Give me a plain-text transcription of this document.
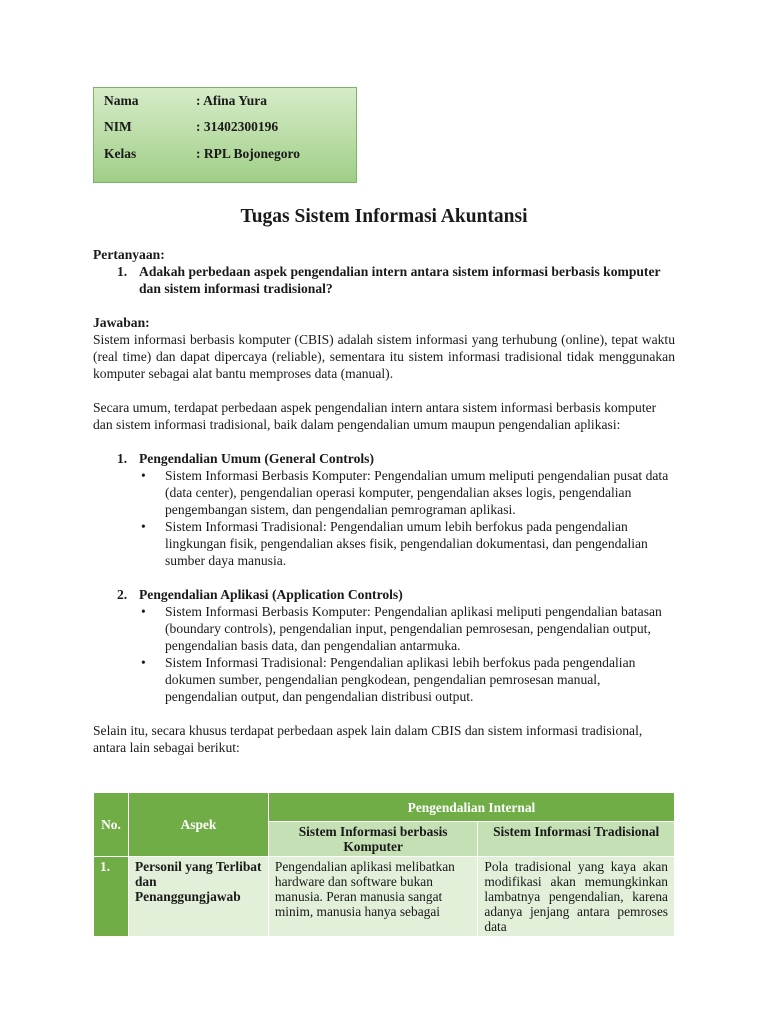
Nama	: Afina Yura
NIM	: 31402300196
Kelas	: RPL Bojonegoro
Tugas Sistem Informasi Akuntansi

Pertanyaan:

1. Adakah perbedaan aspek pengendalian intern antara sistem informasi berbasis komputer dan sistem informasi tradisional?

Jawaban:

Sistem informasi berbasis komputer (CBIS) adalah sistem informasi yang terhubung (online), tepat waktu (real time) dan dapat dipercaya (reliable), sementara itu sistem informasi tradisional tidak menggunakan komputer sebagai alat bantu memproses data (manual).

Secara umum, terdapat perbedaan aspek pengendalian intern antara sistem informasi berbasis komputer dan sistem informasi tradisional, baik dalam pengendalian umum maupun pengendalian aplikasi:

1. Pengendalian Umum (General Controls)

• Sistem Informasi Berbasis Komputer: Pengendalian umum meliputi pengendalian pusat data (data center), pengendalian operasi komputer, pengendalian akses logis, pengendalian pengembangan sistem, dan pengendalian pemrograman aplikasi.

• Sistem Informasi Tradisional: Pengendalian umum lebih berfokus pada pengendalian lingkungan fisik, pengendalian akses fisik, pengendalian dokumentasi, dan pengendalian sumber daya manusia.

2. Pengendalian Aplikasi (Application Controls)

• Sistem Informasi Berbasis Komputer: Pengendalian aplikasi meliputi pengendalian batasan (boundary controls), pengendalian input, pengendalian pemrosesan, pengendalian output, pengendalian basis data, dan pengendalian antarmuka.

• Sistem Informasi Tradisional: Pengendalian aplikasi lebih berfokus pada pengendalian dokumen sumber, pengendalian pengkodean, pengendalian pemrosesan manual, pengendalian output, dan pengendalian distribusi output.

Selain itu, secara khusus terdapat perbedaan aspek lain dalam CBIS dan sistem informasi tradisional, antara lain sebagai berikut:

No.	Aspek	Pengendalian Internal	
		Sistem Informasi berbasis Komputer	Sistem Informasi Tradisional
1.	Personil yang Terlibat dan Penanggungjawab	Pengendalian aplikasi melibatkan hardware dan software bukan manusia. Peran manusia sangat minim, manusia hanya sebagai	Pola tradisional yang kaya akan modifikasi akan memungkinkan lambatnya pengendalian, karena adanya jenjang antara pemroses data
